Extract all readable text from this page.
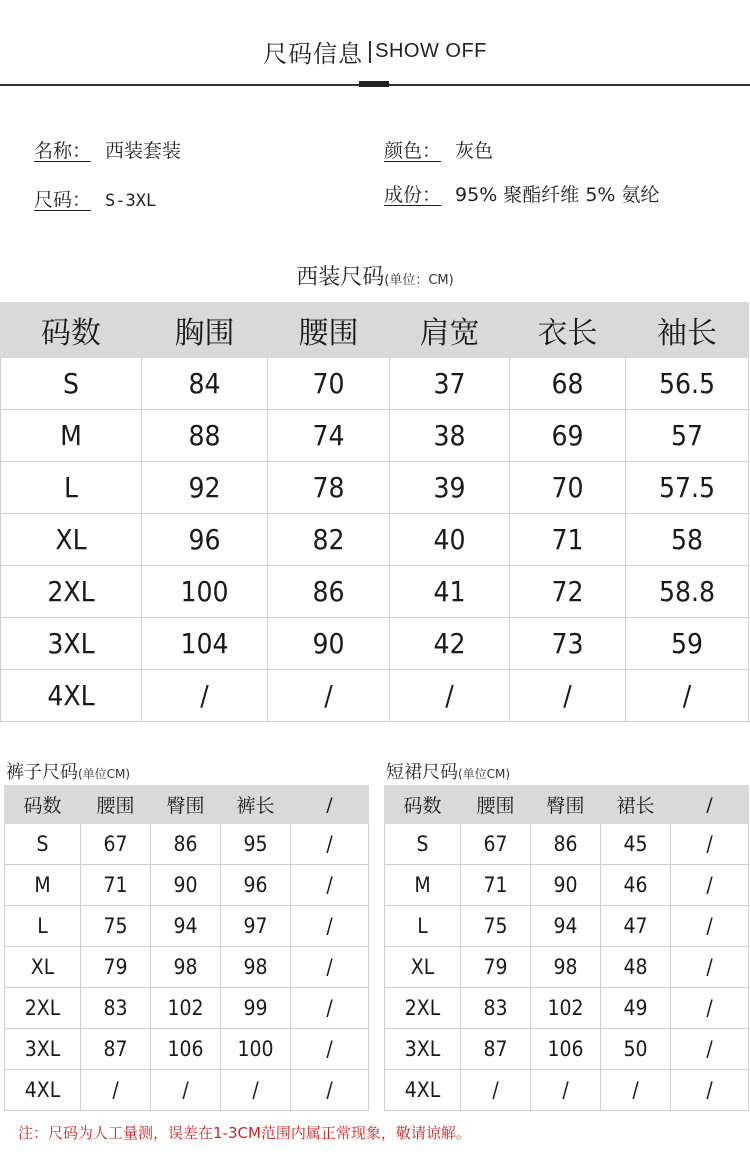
尺码信息 SHOW OFF
名称： 西装套装
尺码： S-3XL
颜色： 灰色
成份： 95% 聚酯纤维 5% 氨纶
西装尺码(单位：CM)
码数	胸围	腰围	肩宽	衣长	袖长
S	84	70	37	68	56.5
M	88	74	38	69	57
L	92	78	39	70	57.5
XL	96	82	40	71	58
2XL	100	86	41	72	58.8
3XL	104	90	42	73	59
4XL	/	/	/	/	/
裤子尺码(单位CM)	短裙尺码(单位CM)
码数	腰围	臀围	裤长	/
S	67	86	95	/
M	71	90	96	/
L	75	94	97	/
XL	79	98	98	/
2XL	83	102	99	/
3XL	87	106	100	/
4XL	/	/	/	/
码数	腰围	臀围	裙长	/
S	67	86	45	/
M	71	90	46	/
L	75	94	47	/
XL	79	98	48	/
2XL	83	102	49	/
3XL	87	106	50	/
4XL	/	/	/	/
注：尺码为人工量测，误差在1-3CM范围内属正常现象，敬请谅解。
